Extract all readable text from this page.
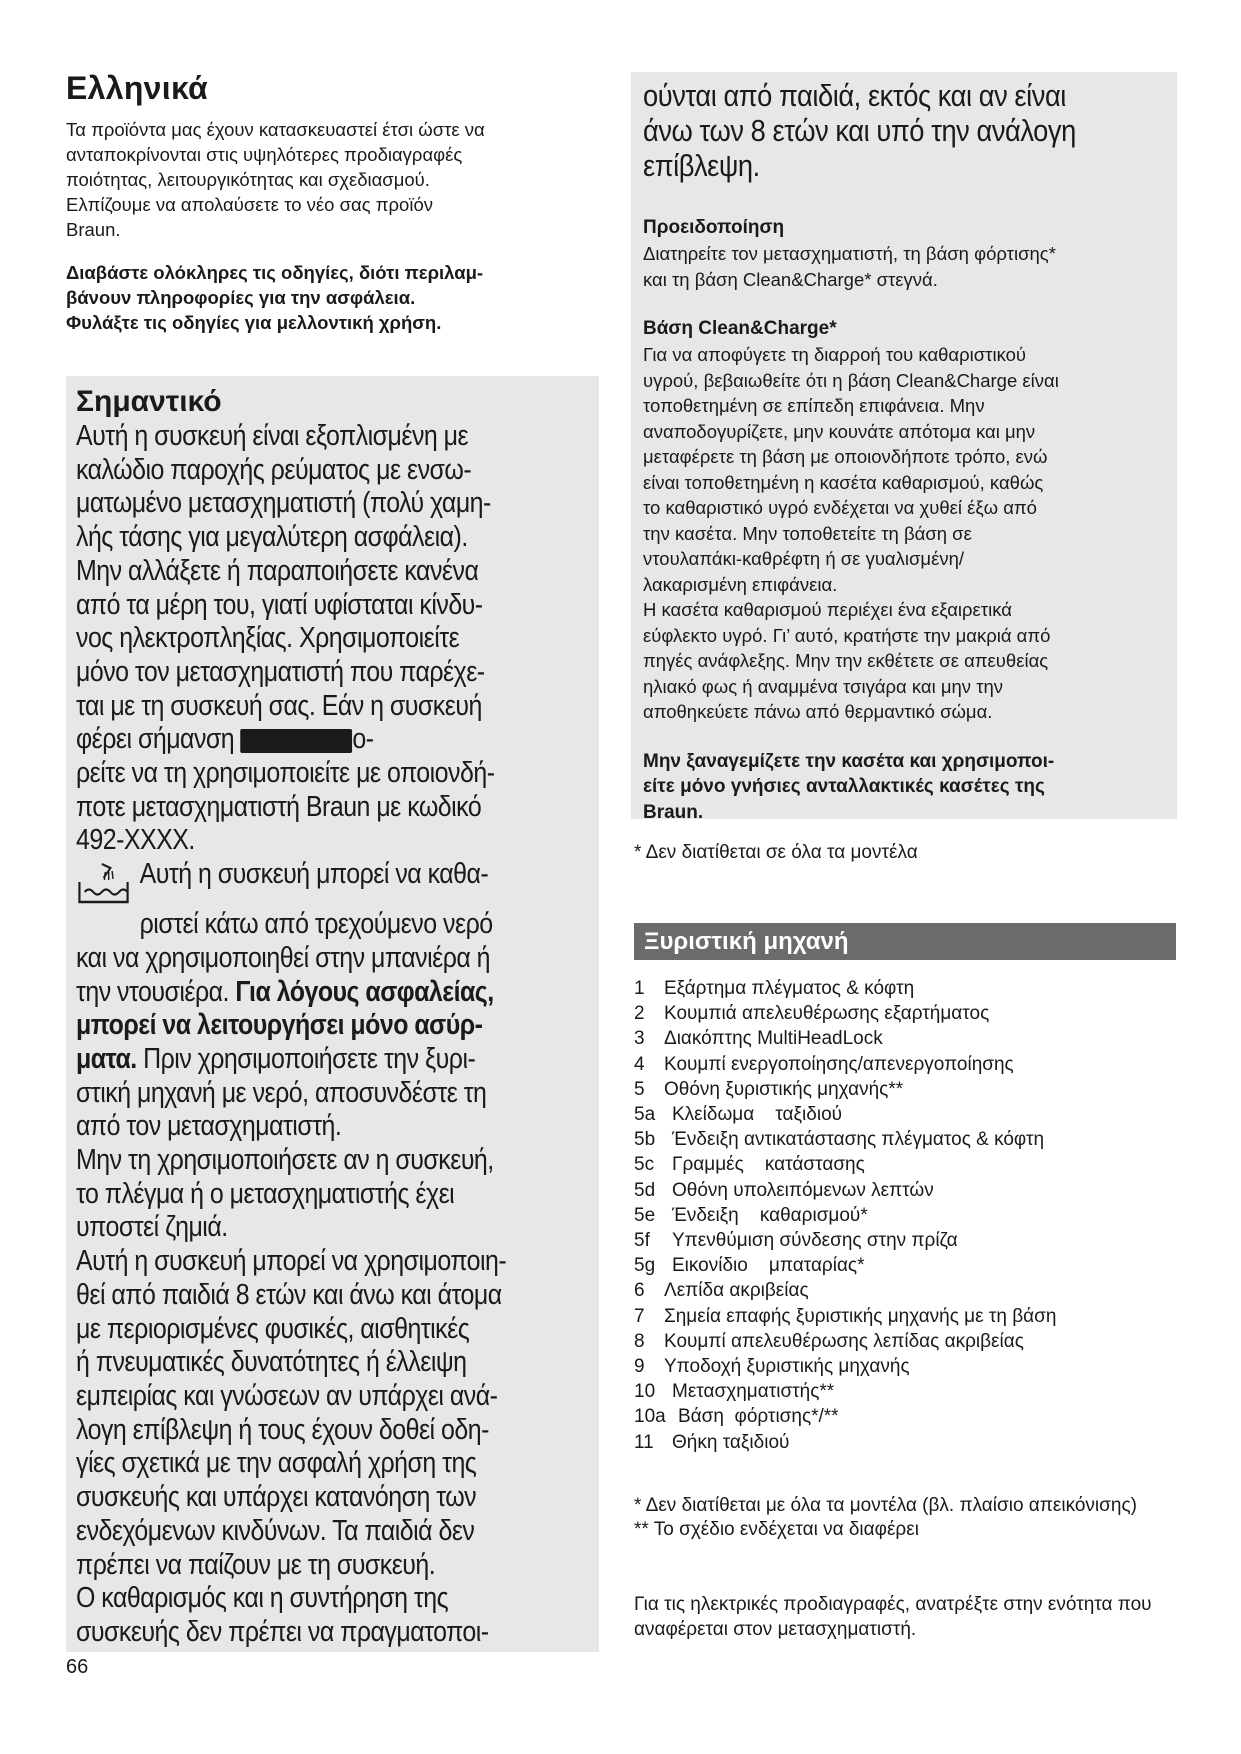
Ελληνικά

Τα προϊόντα μας έχουν κατασκευαστεί έτσι ώστε να
ανταποκρίνονται στις υψηλότερες προδιαγραφές
ποιότητας, λειτουργικότητας και σχεδιασμού.
Ελπίζουμε να απολαύσετε το νέο σας προϊόν
Braun.

Διαβάστε ολόκληρες τις οδηγίες, διότι περιλαμ-
βάνουν πληροφορίες για την ασφάλεια.
Φυλάξτε τις οδηγίες για μελλοντική χρήση.

Σημαντικό

Αυτή η συσκευή είναι εξοπλισμένη με
καλώδιο παροχής ρεύματος με ενσω-
ματωμένο μετασχηματιστή (πολύ χαμη-
λής τάσης για μεγαλύτερη ασφάλεια).
Μην αλλάξετε ή παραποιήσετε κανένα
από τα μέρη του, γιατί υφίσταται κίνδυ-
νος ηλεκτροπληξίας. Χρησιμοποιείτε
μόνο τον μετασχηματιστή που παρέχε-
ται με τη συσκευή σας. Εάν η συσκευή
φέρει σήμανση	o-
ρείτε να τη χρησιμοποιείτε με οποιονδή-
ποτε μετασχηματιστή Braun με κωδικό
492-XXXX.
Αυτή η συσκευή μπορεί να καθα-
ριστεί κάτω από τρεχούμενο νερό
και να χρησιμοποιηθεί στην μπανιέρα ή
την ντουσιέρα. Για λόγους ασφαλείας,
μπορεί να λειτουργήσει μόνο ασύρ-
ματα. Πριν χρησιμοποιήσετε την ξυρι-
στική μηχανή με νερό, αποσυνδέστε τη
από τον μετασχηματιστή.
Μην τη χρησιμοποιήσετε αν η συσκευή,
το πλέγμα ή ο μετασχηματιστής έχει
υποστεί ζημιά.
Αυτή η συσκευή μπορεί να χρησιμοποιη-
θεί από παιδιά 8 ετών και άνω και άτομα
με περιορισμένες φυσικές, αισθητικές
ή πνευματικές δυνατότητες ή έλλειψη
εμπειρίας και γνώσεων αν υπάρχει ανά-
λογη επίβλεψη ή τους έχουν δοθεί οδη-
γίες σχετικά με την ασφαλή χρήση της
συσκευής και υπάρχει κατανόηση των
ενδεχόμενων κινδύνων. Τα παιδιά δεν
πρέπει να παίζουν με τη συσκευή.
Ο καθαρισμός και η συντήρηση της
συσκευής δεν πρέπει να πραγματοποι-

ούνται από παιδιά, εκτός και αν είναι
άνω των 8 ετών και υπό την ανάλογη
επίβλεψη.

Προειδοποίηση

Διατηρείτε τον μετασχηματιστή, τη βάση φόρτισης*
και τη βάση Clean&Charge* στεγνά.

Βάση Clean&Charge*

Για να αποφύγετε τη διαρροή του καθαριστικού
υγρού, βεβαιωθείτε ότι η βάση Clean&Charge είναι
τοποθετημένη σε επίπεδη επιφάνεια. Μην
αναποδογυρίζετε, μην κουνάτε απότομα και μην
μεταφέρετε τη βάση με οποιονδήποτε τρόπο, ενώ
είναι τοποθετημένη η κασέτα καθαρισμού, καθώς
το καθαριστικό υγρό ενδέχεται να χυθεί έξω από
την κασέτα. Μην τοποθετείτε τη βάση σε
ντουλαπάκι-καθρέφτη ή σε γυαλισμένη/
λακαρισμένη επιφάνεια.
Η κασέτα καθαρισμού περιέχει ένα εξαιρετικά
εύφλεκτο υγρό. Γι’ αυτό, κρατήστε την μακριά από
πηγές ανάφλεξης. Μην την εκθέτετε σε απευθείας
ηλιακό φως ή αναμμένα τσιγάρα και μην την
αποθηκεύετε πάνω από θερμαντικό σώμα.

Μην ξαναγεμίζετε την κασέτα και χρησιμοποι-
είτε μόνο γνήσιες ανταλλακτικές κασέτες της
Braun.

* Δεν διατίθεται σε όλα τα μοντέλα
Ξυριστική μηχανή
1	Εξάρτημα πλέγματος & κόφτη
2	Κουμπιά απελευθέρωσης εξαρτήματος
3	Διακόπτης MultiHeadLock
4	Κουμπί ενεργοποίησης/απενεργοποίησης
5	Οθόνη ξυριστικής μηχανής**
5a Κλείδωμα    ταξιδιού
5b Ένδειξη αντικατάστασης πλέγματος & κόφτη
5c Γραμμές    κατάστασης
5d Οθόνη υπολειπόμενων λεπτών
5e Ένδειξη    καθαρισμού*
5f	Υπενθύμιση σύνδεσης στην πρίζα
5g Εικονίδιο    μπαταρίας*
6	Λεπίδα ακριβείας
7	Σημεία επαφής ξυριστικής μηχανής με τη βάση
8	Κουμπί απελευθέρωσης λεπίδας ακριβείας
9	Υποδοχή ξυριστικής μηχανής
10 Μετασχηματιστής**
10a Βάση  φόρτισης*/**
11 Θήκη ταξιδιού

* Δεν διατίθεται με όλα τα μοντέλα (βλ. πλαίσιο απεικόνισης)

** Το σχέδιο ενδέχεται να διαφέρει

Για τις ηλεκτρικές προδιαγραφές, ανατρέξτε στην ενότητα που αναφέρεται στον μετασχηματιστή.

66
